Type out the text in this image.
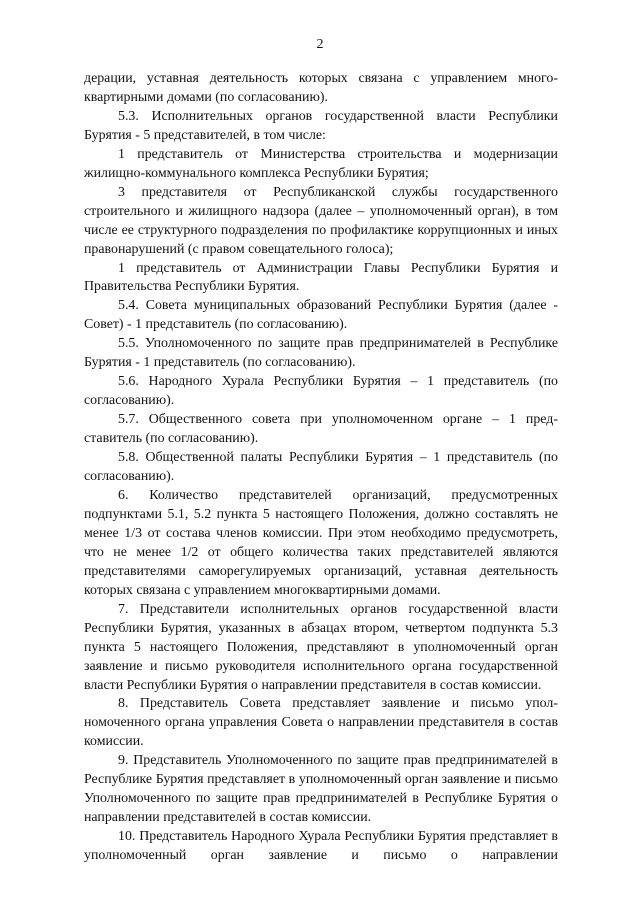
2

дерации, уставная деятельность которых связана с управлением многоквартирными домами (по согласованию).

5.3. Исполнительных органов государственной власти Республики Бурятия - 5 представителей, в том числе:

1 представитель от Министерства строительства и модернизации жилищно-коммунального комплекса Республики Бурятия;

3 представителя от Республиканской службы государственного строительного и жилищного надзора (далее – уполномоченный орган), в том числе ее структурного подразделения по профилактике коррупционных и иных правонарушений (с правом совещательного голоса);

1 представитель от Администрации Главы Республики Бурятия и Правительства Республики Бурятия.

5.4. Совета муниципальных образований Республики Бурятия (далее - Совет) - 1 представитель (по согласованию).

5.5. Уполномоченного по защите прав предпринимателей в Республике Бурятия - 1 представитель (по согласованию).

5.6. Народного Хурала Республики Бурятия – 1 представитель (по согласованию).

5.7. Общественного совета при уполномоченном органе – 1 представитель (по согласованию).

5.8. Общественной палаты Республики Бурятия – 1 представитель (по согласованию).

6. Количество представителей организаций, предусмотренных подпунктами 5.1, 5.2 пункта 5 настоящего Положения, должно составлять не менее 1/3 от состава членов комиссии. При этом необходимо предусмотреть, что не менее 1/2 от общего количества таких представителей являются представителями саморегулируемых организаций, уставная деятельность которых связана с управлением многоквартирными домами.

7. Представители исполнительных органов государственной власти Республики Бурятия, указанных в абзацах втором, четвертом подпункта 5.3 пункта 5 настоящего Положения, представляют в уполномоченный орган заявление и письмо руководителя исполнительного органа государственной власти Республики Бурятия о направлении представителя в состав комиссии.

8. Представитель Совета представляет заявление и письмо уполномоченного органа управления Совета о направлении представителя в состав комиссии.

9. Представитель Уполномоченного по защите прав предпринимателей в Республике Бурятия представляет в уполномоченный орган заявление и письмо Уполномоченного по защите прав предпринимателей в Республике Бурятия о направлении представителей в состав комиссии.

10. Представитель Народного Хурала Республики Бурятия представляет в уполномоченный орган заявление и письмо о направлении
